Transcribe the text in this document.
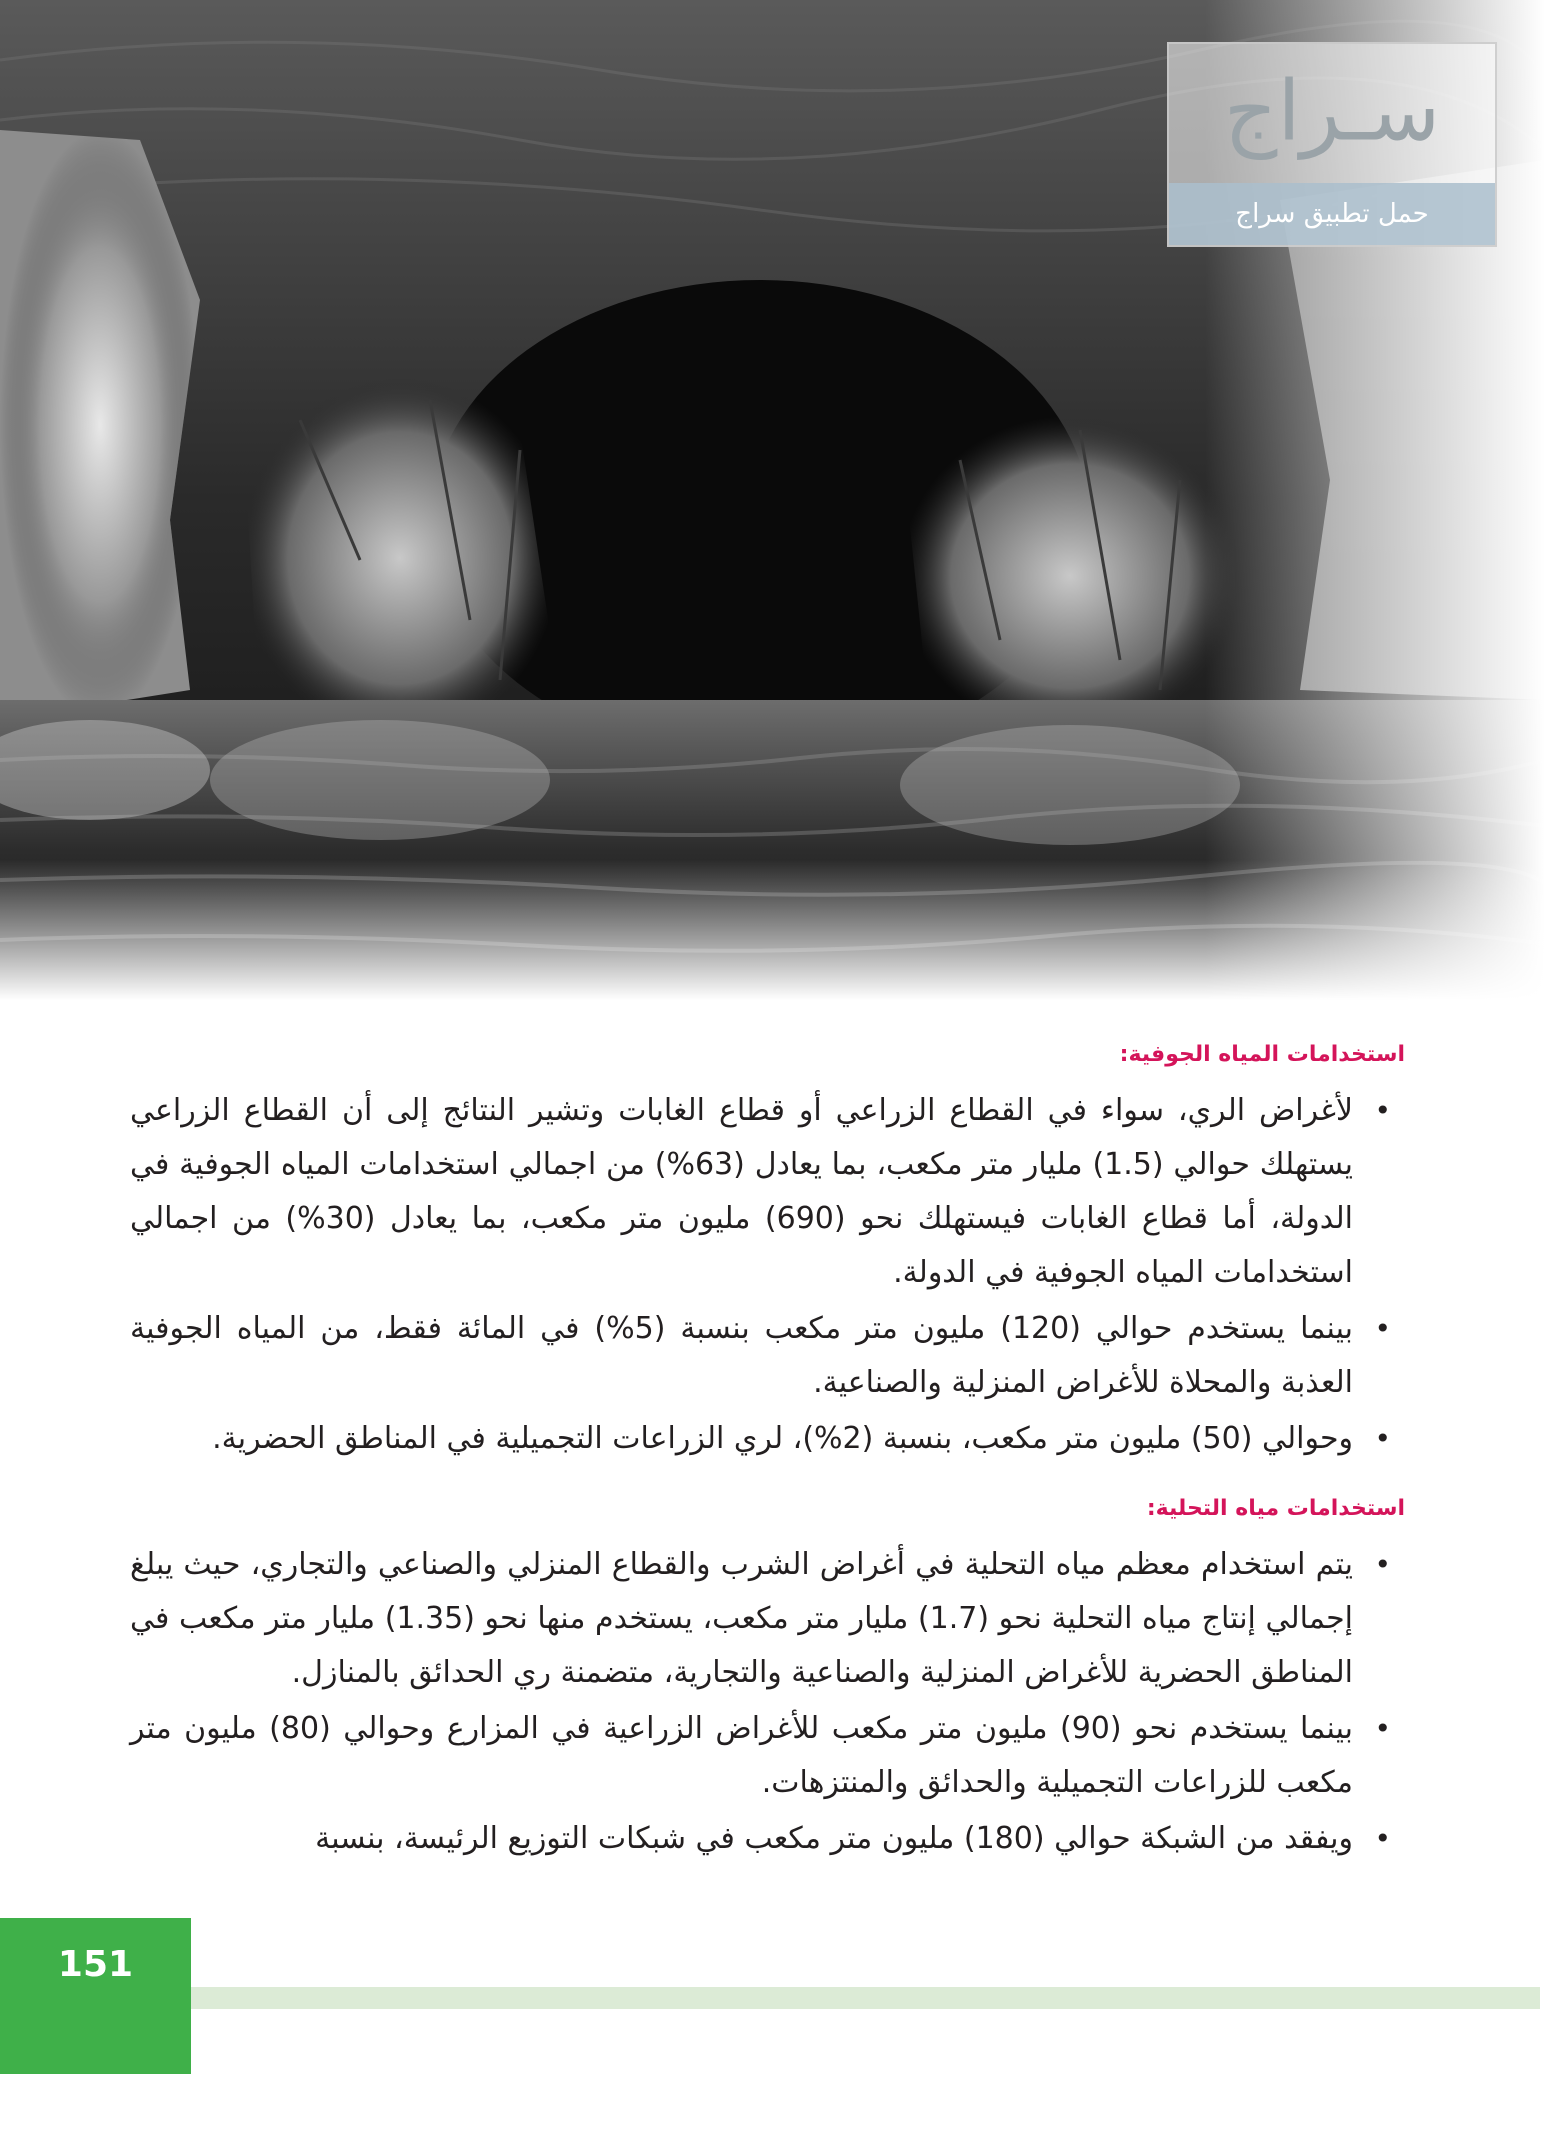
سـراج
حمل تطبيق سراج
استخدامات المياه الجوفية:
•
لأغراض الري، سواء في القطاع الزراعي أو قطاع الغابات وتشير النتائج إلى أن القطاع الزراعي يستهلك حوالي (1.5) مليار متر مكعب، بما يعادل (63%) من اجمالي استخدامات المياه الجوفية في الدولة، أما قطاع الغابات فيستهلك نحو (690) مليون متر مكعب، بما يعادل (30%) من اجمالي استخدامات المياه الجوفية في الدولة.
•
بينما يستخدم حوالي (120) مليون متر مكعب بنسبة (5%) في المائة فقط، من المياه الجوفية العذبة والمحلاة للأغراض المنزلية والصناعية.
•
وحوالي (50) مليون متر مكعب، بنسبة (2%)، لري الزراعات التجميلية في المناطق الحضرية.
استخدامات مياه التحلية:
•
يتم استخدام معظم مياه التحلية في أغراض الشرب والقطاع المنزلي والصناعي والتجاري، حيث يبلغ إجمالي إنتاج مياه التحلية نحو (1.7) مليار متر مكعب، يستخدم منها نحو (1.35) مليار متر مكعب في المناطق الحضرية للأغراض المنزلية والصناعية والتجارية، متضمنة ري الحدائق بالمنازل.
•
بينما يستخدم نحو (90) مليون متر مكعب للأغراض الزراعية في المزارع وحوالي (80) مليون متر مكعب للزراعات التجميلية والحدائق والمنتزهات.
•
ويفقد من الشبكة حوالي (180) مليون متر مكعب في شبكات التوزيع الرئيسة، بنسبة
151
